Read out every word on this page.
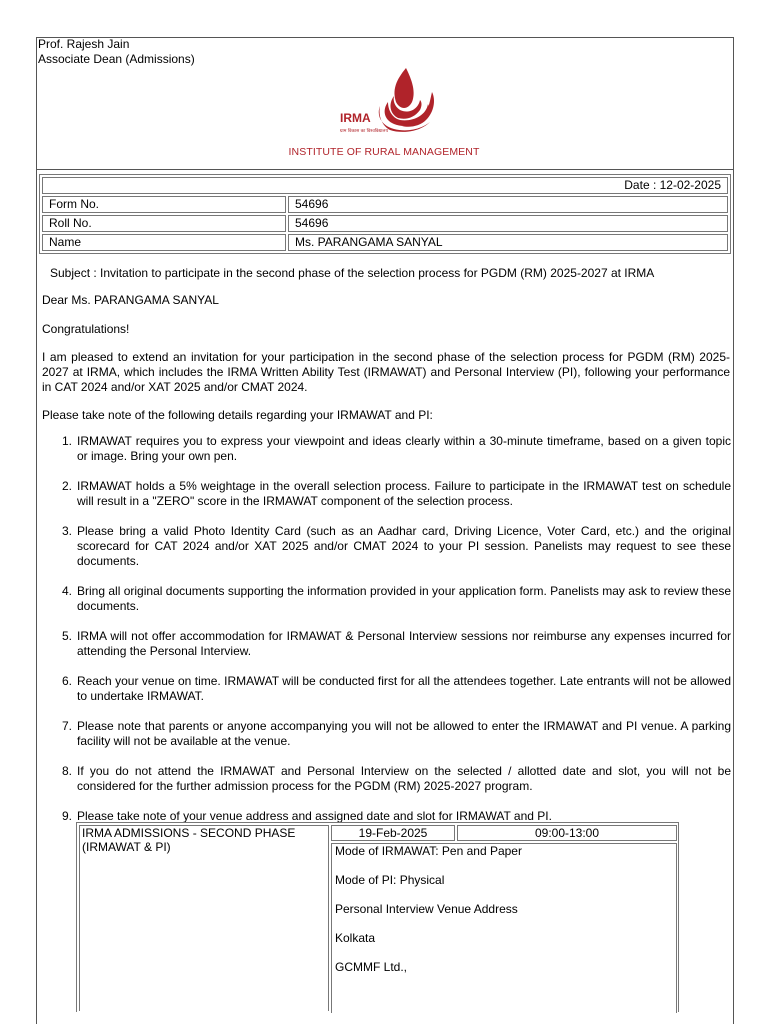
Prof. Rajesh Jain
Associate Dean (Admissions)
IRMA
ग्राम विकास का विश्वविद्यालय
INSTITUTE OF RURAL MANAGEMENT
Date : 12-02-2025	
Form No.	54696
Roll No.	54696
Name	Ms. PARANGAMA SANYAL
Subject : Invitation to participate in the second phase of the selection process for PGDM (RM) 2025-2027 at IRMA
Dear Ms. PARANGAMA SANYAL
Congratulations!
I am pleased to extend an invitation for your participation in the second phase of the selection process for PGDM (RM) 2025-2027 at IRMA, which includes the IRMA Written Ability Test (IRMAWAT) and Personal Interview (PI), following your performance in CAT 2024 and/or XAT 2025 and/or CMAT 2024.
Please take note of the following details regarding your IRMAWAT and PI:
1. IRMAWAT requires you to express your viewpoint and ideas clearly within a 30-minute timeframe, based on a given topic or image. Bring your own pen.
2. IRMAWAT holds a 5% weightage in the overall selection process. Failure to participate in the IRMAWAT test on schedule will result in a "ZERO" score in the IRMAWAT component of the selection process.
3. Please bring a valid Photo Identity Card (such as an Aadhar card, Driving Licence, Voter Card, etc.) and the original scorecard for CAT 2024 and/or XAT 2025 and/or CMAT 2024 to your PI session. Panelists may request to see these documents.
4. Bring all original documents supporting the information provided in your application form. Panelists may ask to review these documents.
5. IRMA will not offer accommodation for IRMAWAT & Personal Interview sessions nor reimburse any expenses incurred for attending the Personal Interview.
6. Reach your venue on time. IRMAWAT will be conducted first for all the attendees together. Late entrants will not be allowed to undertake IRMAWAT.
7. Please note that parents or anyone accompanying you will not be allowed to enter the IRMAWAT and PI venue. A parking facility will not be available at the venue.
8. If you do not attend the IRMAWAT and Personal Interview on the selected / allotted date and slot, you will not be considered for the further admission process for the PGDM (RM) 2025-2027 program.
9. Please take note of your venue address and assigned date and slot for IRMAWAT and PI.
IRMA ADMISSIONS - SECOND PHASE (IRMAWAT & PI)
19-Feb-2025	09:00-13:00
Mode of IRMAWAT: Pen and Paper
Mode of PI: Physical
Personal Interview Venue Address
Kolkata
GCMMF Ltd.,
